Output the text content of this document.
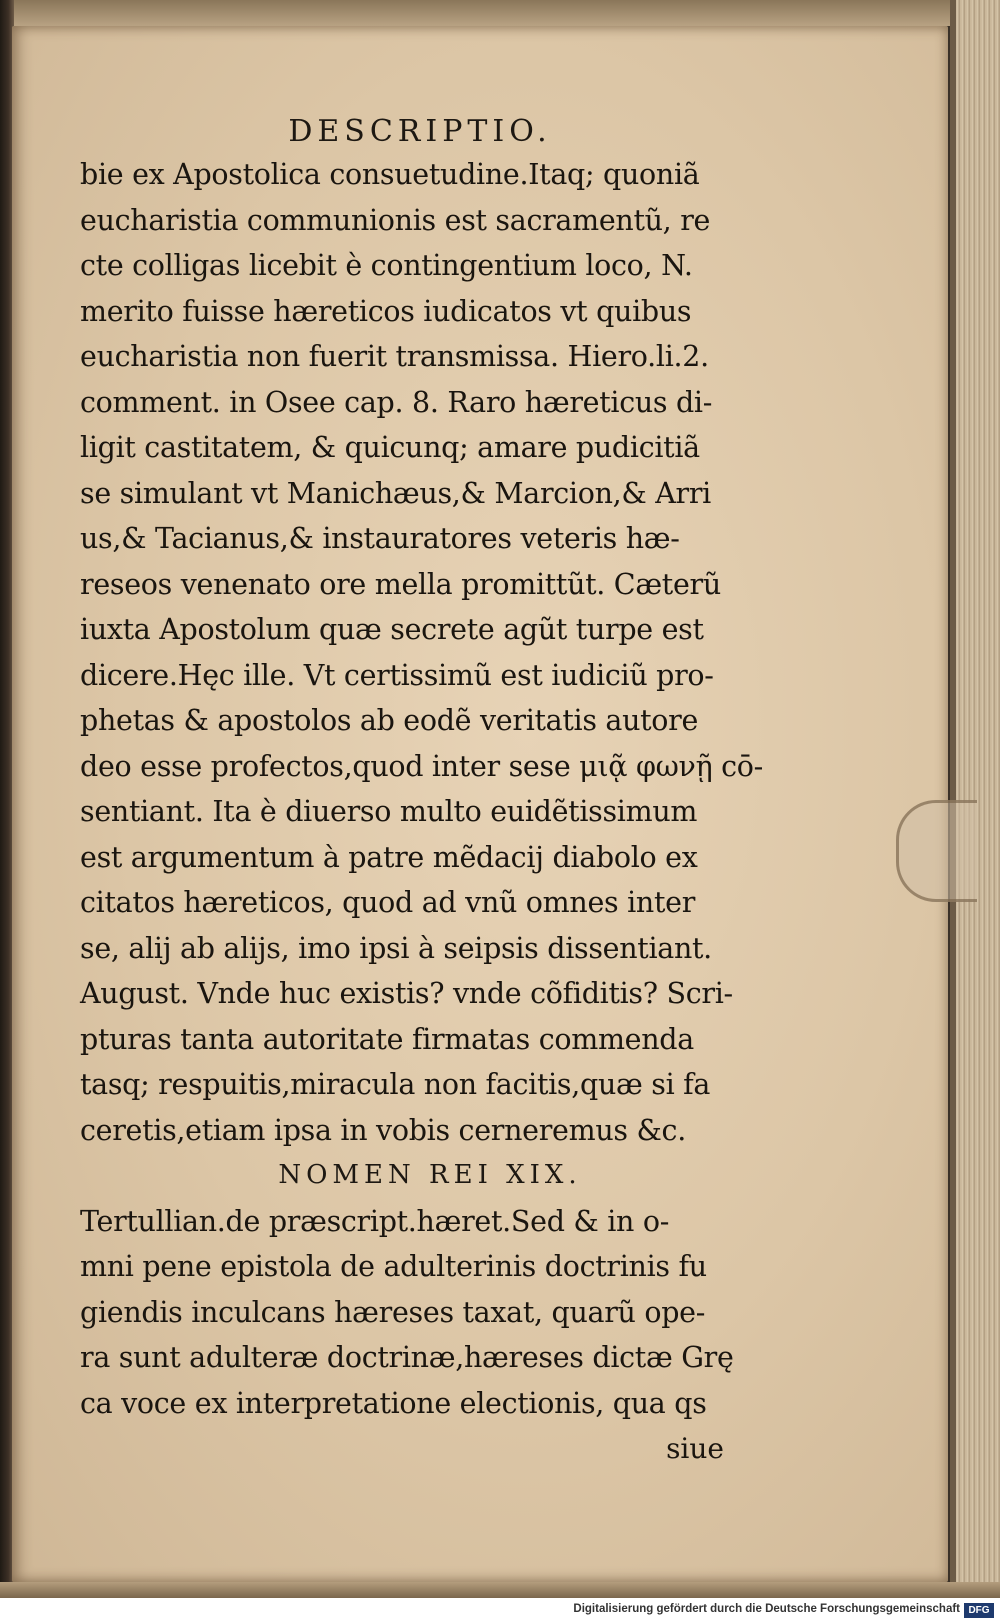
DESCRIPTIO.
bie ex Apostolica consuetudine.Itaq; quoniã
eucharistia communionis est sacramentũ, re
cte colligas licebit è contingentium loco, N.
merito fuisse hæreticos iudicatos vt quibus
eucharistia non fuerit transmissa. Hiero.li.2.
comment. in Osee cap. 8. Raro hæreticus di-
ligit castitatem, & quicunq; amare pudicitiã
se simulant vt Manichæus,& Marcion,& Arri
us,& Tacianus,& instauratores veteris hæ-
reseos venenato ore mella promittũt. Cæterũ
iuxta Apostolum quæ secrete agũt turpe est
dicere.Hęc ille. Vt certissimũ est iudiciũ pro-
phetas & apostolos ab eodẽ veritatis autore
deo esse profectos,quod inter sese μιᾷ φωνῇ cō-
sentiant. Ita è diuerso multo euidẽtissimum
est argumentum à patre mẽdacij diabolo ex
citatos hæreticos, quod ad vnũ omnes inter
se, alij ab alijs, imo ipsi à seipsis dissentiant.
August. Vnde huc existis? vnde cõfiditis? Scri-
pturas tanta autoritate firmatas commenda
tasq; respuitis,miracula non facitis,quæ si fa
ceretis,etiam ipsa in vobis cerneremus &c.
NOMEN REI XIX.
Tertullian.de præscript.hæret.Sed & in o-
mni pene epistola de adulterinis doctrinis fu
giendis inculcans hæreses taxat, quarũ ope-
ra sunt adulteræ doctrinæ,hæreses dictæ Grę
ca voce ex interpretatione electionis, qua qs
siue
Digitalisierung gefördert durch die Deutsche Forschungsgemeinschaft DFG
